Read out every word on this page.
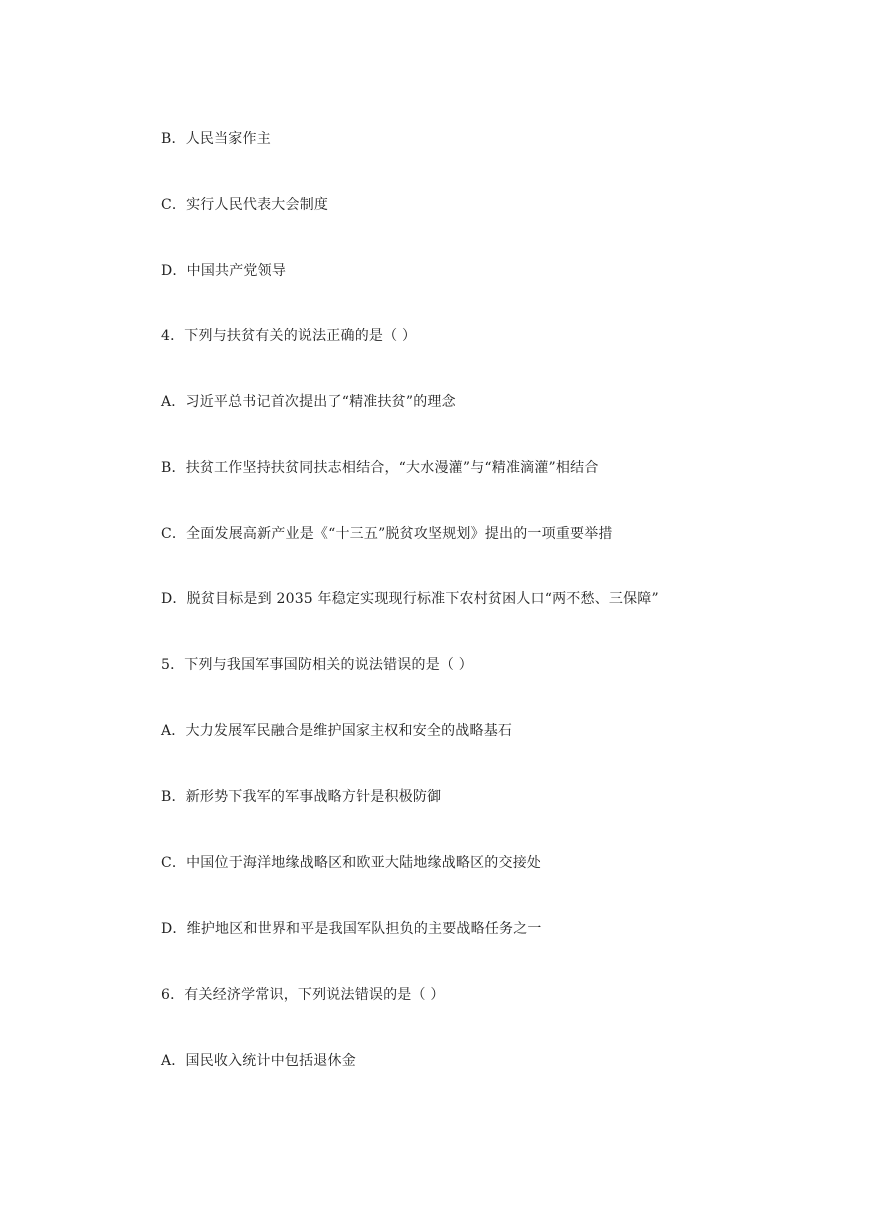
B．人民当家作主
C．实行人民代表大会制度
D．中国共产党领导
4．下列与扶贫有关的说法正确的是（ ）
A．习近平总书记首次提出了“精准扶贫”的理念
B．扶贫工作坚持扶贫同扶志相结合，“大水漫灌”与“精准滴灌”相结合
C．全面发展高新产业是《“十三五”脱贫攻坚规划》提出的一项重要举措
D．脱贫目标是到 2035 年稳定实现现行标准下农村贫困人口“两不愁、三保障”
5．下列与我国军事国防相关的说法错误的是（ ）
A．大力发展军民融合是维护国家主权和安全的战略基石
B．新形势下我军的军事战略方针是积极防御
C．中国位于海洋地缘战略区和欧亚大陆地缘战略区的交接处
D．维护地区和世界和平是我国军队担负的主要战略任务之一
6．有关经济学常识，下列说法错误的是（ ）
A．国民收入统计中包括退休金
